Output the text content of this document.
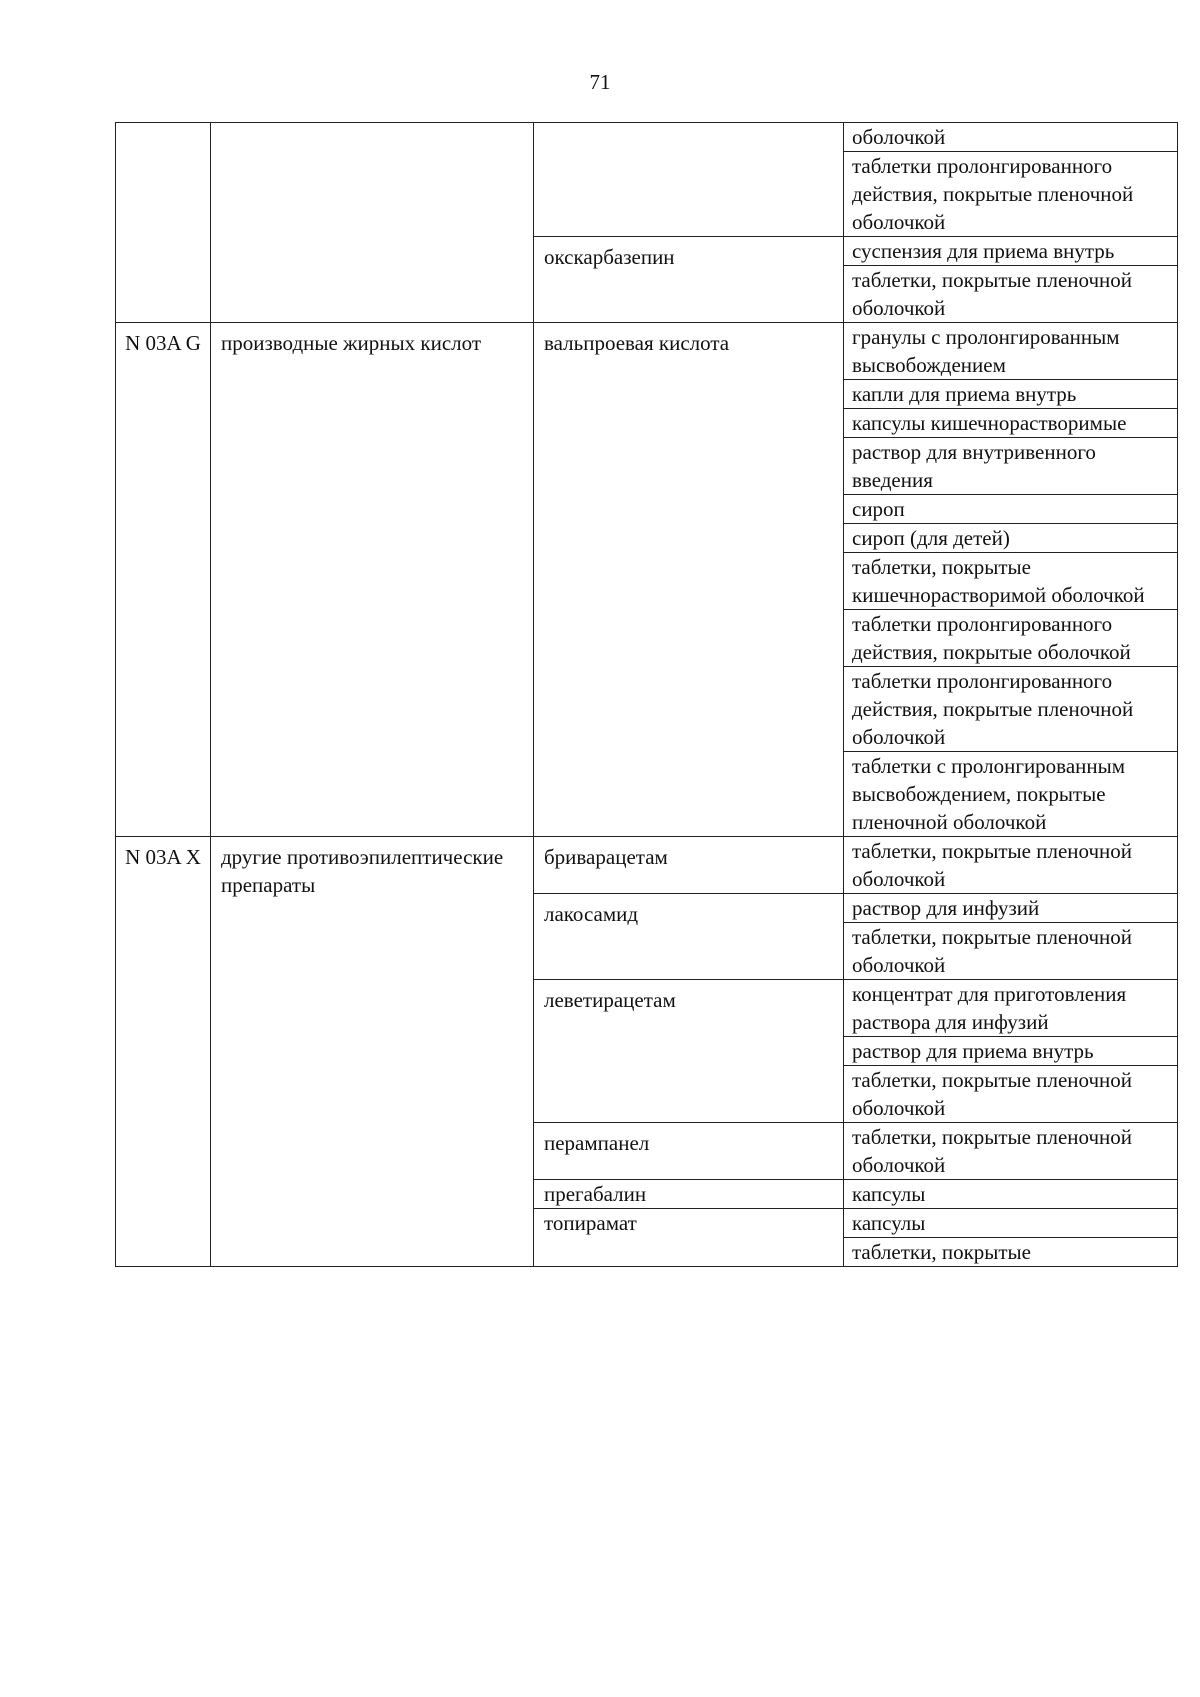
71
			оболочкой
			таблетки пролонгированного действия, покрытые пленочной оболочкой
		окскарбазепин	суспензия для приема внутрь
			таблетки, покрытые пленочной оболочкой
N 03A G	производные жирных кислот	вальпроевая кислота	гранулы с пролонгированным высвобождением
			капли для приема внутрь
			капсулы кишечнорастворимые
			раствор для внутривенного введения
			сироп
			сироп (для детей)
			таблетки, покрытые кишечнорастворимой оболочкой
			таблетки пролонгированного действия, покрытые оболочкой
			таблетки пролонгированного действия, покрытые пленочной оболочкой
			таблетки с пролонгированным высвобождением, покрытые пленочной оболочкой
N 03A X	другие противоэпилептические препараты	бриварацетам	таблетки, покрытые пленочной оболочкой
		лакосамид	раствор для инфузий
			таблетки, покрытые пленочной оболочкой
		леветирацетам	концентрат для приготовления раствора для инфузий
			раствор для приема внутрь
			таблетки, покрытые пленочной оболочкой
		перампанел	таблетки, покрытые пленочной оболочкой
		прегабалин	капсулы
		топирамат	капсулы
			таблетки, покрытые
